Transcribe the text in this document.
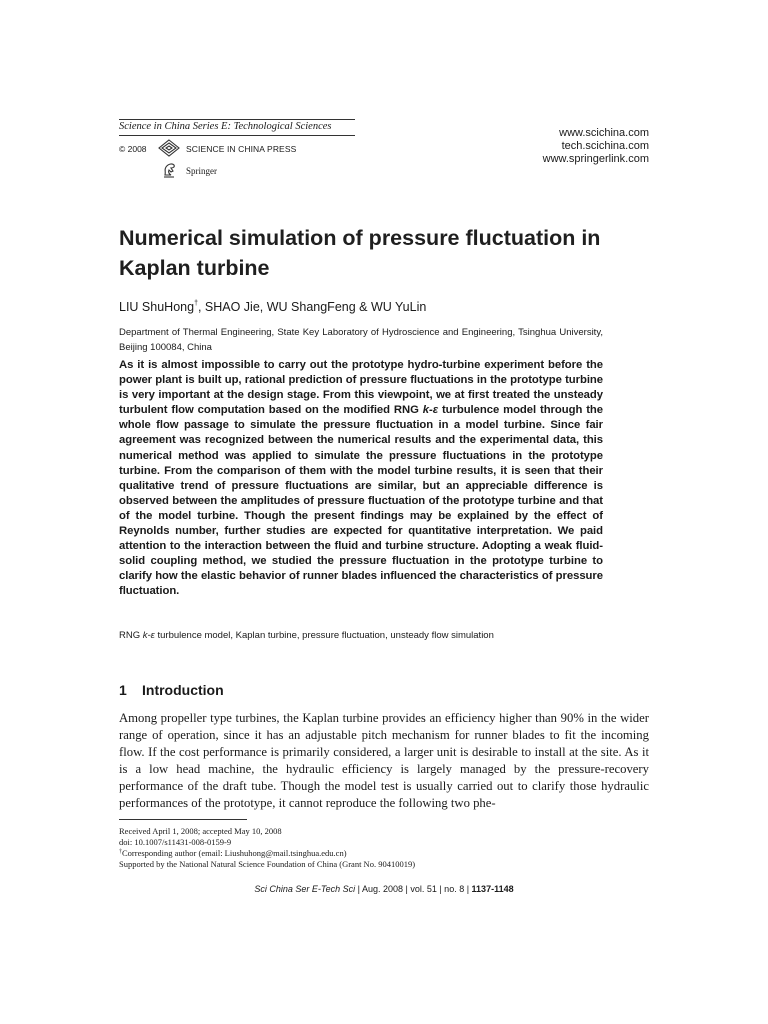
Science in China Series E: Technological Sciences
© 2008	SCIENCE IN CHINA PRESS
Springer
www.scichina.com
tech.scichina.com
www.springerlink.com
Numerical simulation of pressure fluctuation in Kaplan turbine
LIU ShuHong†, SHAO Jie, WU ShangFeng & WU YuLin
Department of Thermal Engineering, State Key Laboratory of Hydroscience and Engineering, Tsinghua University, Beijing 100084, China
As it is almost impossible to carry out the prototype hydro-turbine experiment before the power plant is built up, rational prediction of pressure fluctuations in the prototype turbine is very important at the design stage. From this viewpoint, we at first treated the unsteady turbulent flow computation based on the modified RNG k-ε turbulence model through the whole flow passage to simulate the pressure fluctuation in a model turbine. Since fair agreement was recognized between the numerical results and the experimental data, this numerical method was applied to simulate the pressure fluctuations in the prototype turbine. From the comparison of them with the model turbine results, it is seen that their qualitative trend of pressure fluctuations are similar, but an appreciable difference is observed between the amplitudes of pressure fluctuation of the prototype turbine and that of the model turbine. Though the present findings may be explained by the effect of Reynolds number, further studies are expected for quantitative interpretation. We paid attention to the interaction between the fluid and turbine structure. Adopting a weak fluid-solid coupling method, we studied the pressure fluctuation in the prototype turbine to clarify how the elastic behavior of runner blades influenced the characteristics of pressure fluctuation.
RNG k-ε turbulence model, Kaplan turbine, pressure fluctuation, unsteady flow simulation
1 Introduction
Among propeller type turbines, the Kaplan turbine provides an efficiency higher than 90% in the wider range of operation, since it has an adjustable pitch mechanism for runner blades to fit the incoming flow. If the cost performance is primarily considered, a larger unit is desirable to install at the site. As it is a low head machine, the hydraulic efficiency is largely managed by the pressure-recovery performance of the draft tube. Though the model test is usually carried out to clarify those hydraulic performances of the prototype, it cannot reproduce the following two phe-
Received April 1, 2008; accepted May 10, 2008
doi: 10.1007/s11431-008-0159-9
†Corresponding author (email: Liushuhong@mail.tsinghua.edu.cn)
Supported by the National Natural Science Foundation of China (Grant No. 90410019)
Sci China Ser E-Tech Sci | Aug. 2008 | vol. 51 | no. 8 | 1137-1148
